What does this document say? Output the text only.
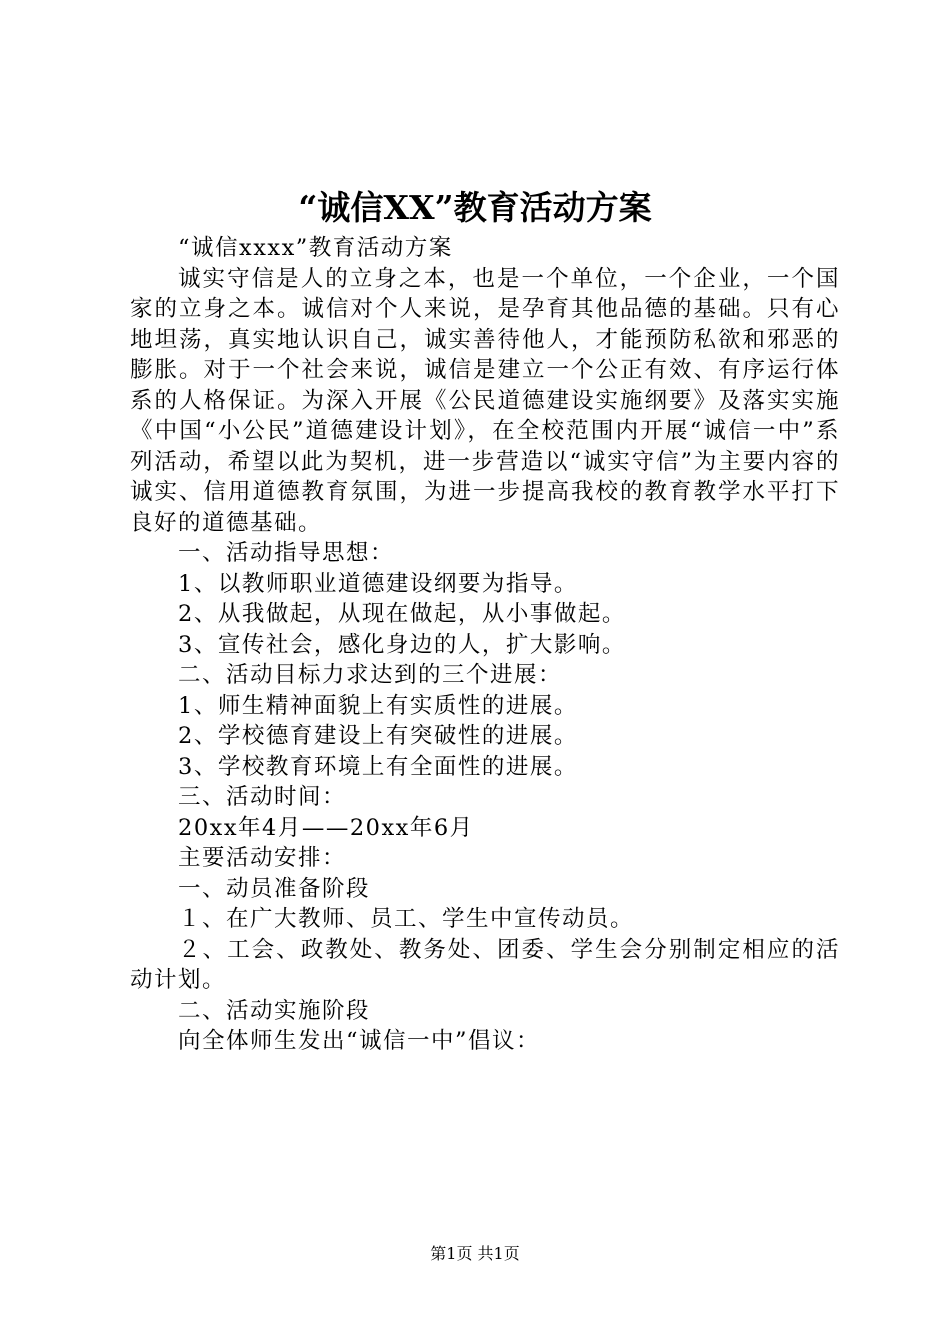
“诚信XX”教育活动方案

“诚信xxxx”教育活动方案

诚实守信是人的立身之本，也是一个单位，一个企业，一个国家的立身之本。诚信对个人来说，是孕育其他品德的基础。只有心地坦荡，真实地认识自己，诚实善待他人，才能预防私欲和邪恶的膨胀。对于一个社会来说，诚信是建立一个公正有效、有序运行体系的人格保证。为深入开展《公民道德建设实施纲要》及落实实施《中国“小公民”道德建设计划》，在全校范围内开展“诚信一中”系列活动，希望以此为契机，进一步营造以“诚实守信”为主要内容的诚实、信用道德教育氛围，为进一步提高我校的教育教学水平打下良好的道德基础。

一、活动指导思想：

1、以教师职业道德建设纲要为指导。

2、从我做起，从现在做起，从小事做起。

3、宣传社会，感化身边的人，扩大影响。

二、活动目标力求达到的三个进展：

1、师生精神面貌上有实质性的进展。

2、学校德育建设上有突破性的进展。

3、学校教育环境上有全面性的进展。

三、活动时间：

20xx年4月——20xx年6月

主要活动安排：

一、动员准备阶段

１、在广大教师、员工、学生中宣传动员。

２、工会、政教处、教务处、团委、学生会分别制定相应的活动计划。

二、活动实施阶段

向全体师生发出“诚信一中”倡议：

第1页 共1页
